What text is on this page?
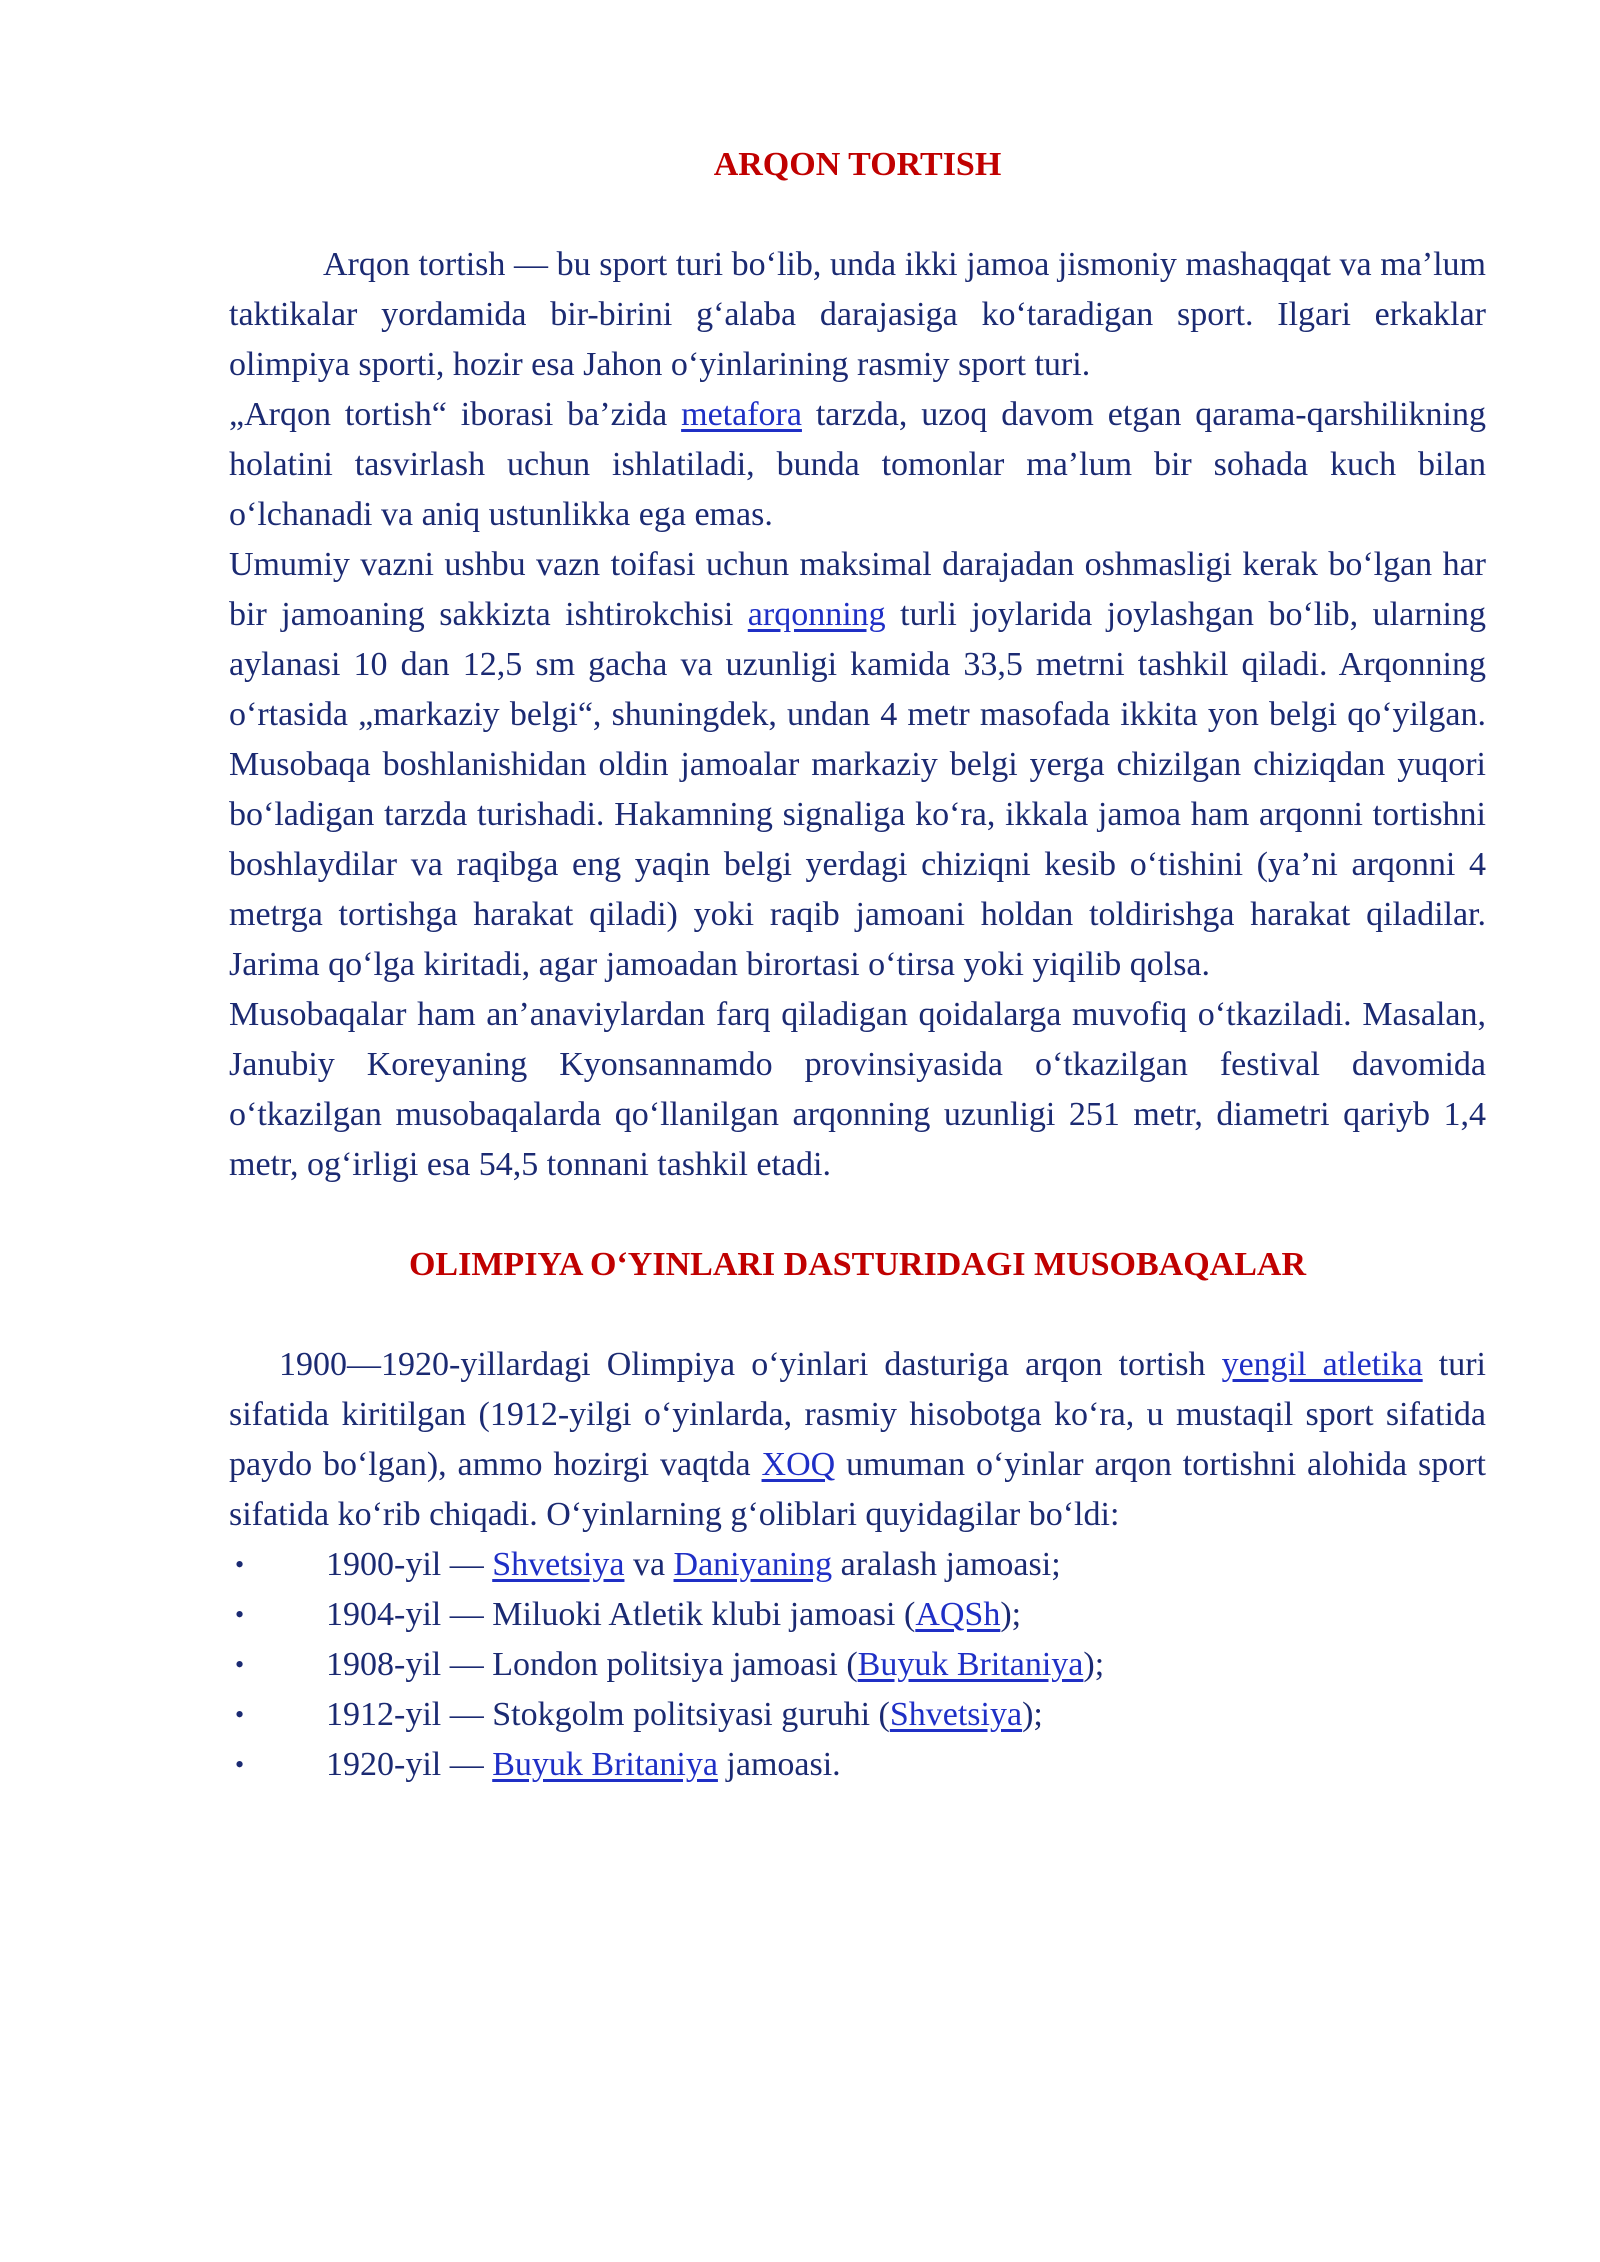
ARQON TORTISH

Arqon tortish — bu sport turi bo‘lib, unda ikki jamoa jismoniy mashaqqat va ma’lum taktikalar yordamida bir-birini g‘alaba darajasiga ko‘taradigan sport. Ilgari erkaklar olimpiya sporti, hozir esa Jahon o‘yinlarining rasmiy sport turi.

„Arqon tortish“ iborasi ba’zida metafora tarzda, uzoq davom etgan qarama-qarshilikning holatini tasvirlash uchun ishlatiladi, bunda tomonlar ma’lum bir sohada kuch bilan o‘lchanadi va aniq ustunlikka ega emas.

Umumiy vazni ushbu vazn toifasi uchun maksimal darajadan oshmasligi kerak bo‘lgan har bir jamoaning sakkizta ishtirokchisi arqonning turli joylarida joylashgan bo‘lib, ularning aylanasi 10 dan 12,5 sm gacha va uzunligi kamida 33,5 metrni tashkil qiladi. Arqonning o‘rtasida „markaziy belgi“, shuningdek, undan 4 metr masofada ikkita yon belgi qo‘yilgan. Musobaqa boshlanishidan oldin jamoalar markaziy belgi yerga chizilgan chiziqdan yuqori bo‘ladigan tarzda turishadi. Hakamning signaliga ko‘ra, ikkala jamoa ham arqonni tortishni boshlaydilar va raqibga eng yaqin belgi yerdagi chiziqni kesib o‘tishini (ya’ni arqonni 4 metrga tortishga harakat qiladi) yoki raqib jamoani holdan toldirishga harakat qiladilar. Jarima qo‘lga kiritadi, agar jamoadan birortasi o‘tirsa yoki yiqilib qolsa.

Musobaqalar ham an’anaviylardan farq qiladigan qoidalarga muvofiq o‘tkaziladi. Masalan, Janubiy Koreyaning Kyonsannamdo provinsiyasida o‘tkazilgan festival davomida o‘tkazilgan musobaqalarda qo‘llanilgan arqonning uzunligi 251 metr, diametri qariyb 1,4 metr, og‘irligi esa 54,5 tonnani tashkil etadi.

OLIMPIYA O‘YINLARI DASTURIDAGI MUSOBAQALAR

1900—1920-yillardagi Olimpiya o‘yinlari dasturiga arqon tortish yengil atletika turi sifatida kiritilgan (1912-yilgi o‘yinlarda, rasmiy hisobotga ko‘ra, u mustaqil sport sifatida paydo bo‘lgan), ammo hozirgi vaqtda XOQ umuman o‘yinlar arqon tortishni alohida sport sifatida ko‘rib chiqadi. O‘yinlarning g‘oliblari quyidagilar bo‘ldi:

• 1900-yil — Shvetsiya va Daniyaning aralash jamoasi;
• 1904-yil — Miluoki Atletik klubi jamoasi (AQSh);
• 1908-yil — London politsiya jamoasi (Buyuk Britaniya);
• 1912-yil — Stokgolm politsiyasi guruhi (Shvetsiya);
• 1920-yil — Buyuk Britaniya jamoasi.
